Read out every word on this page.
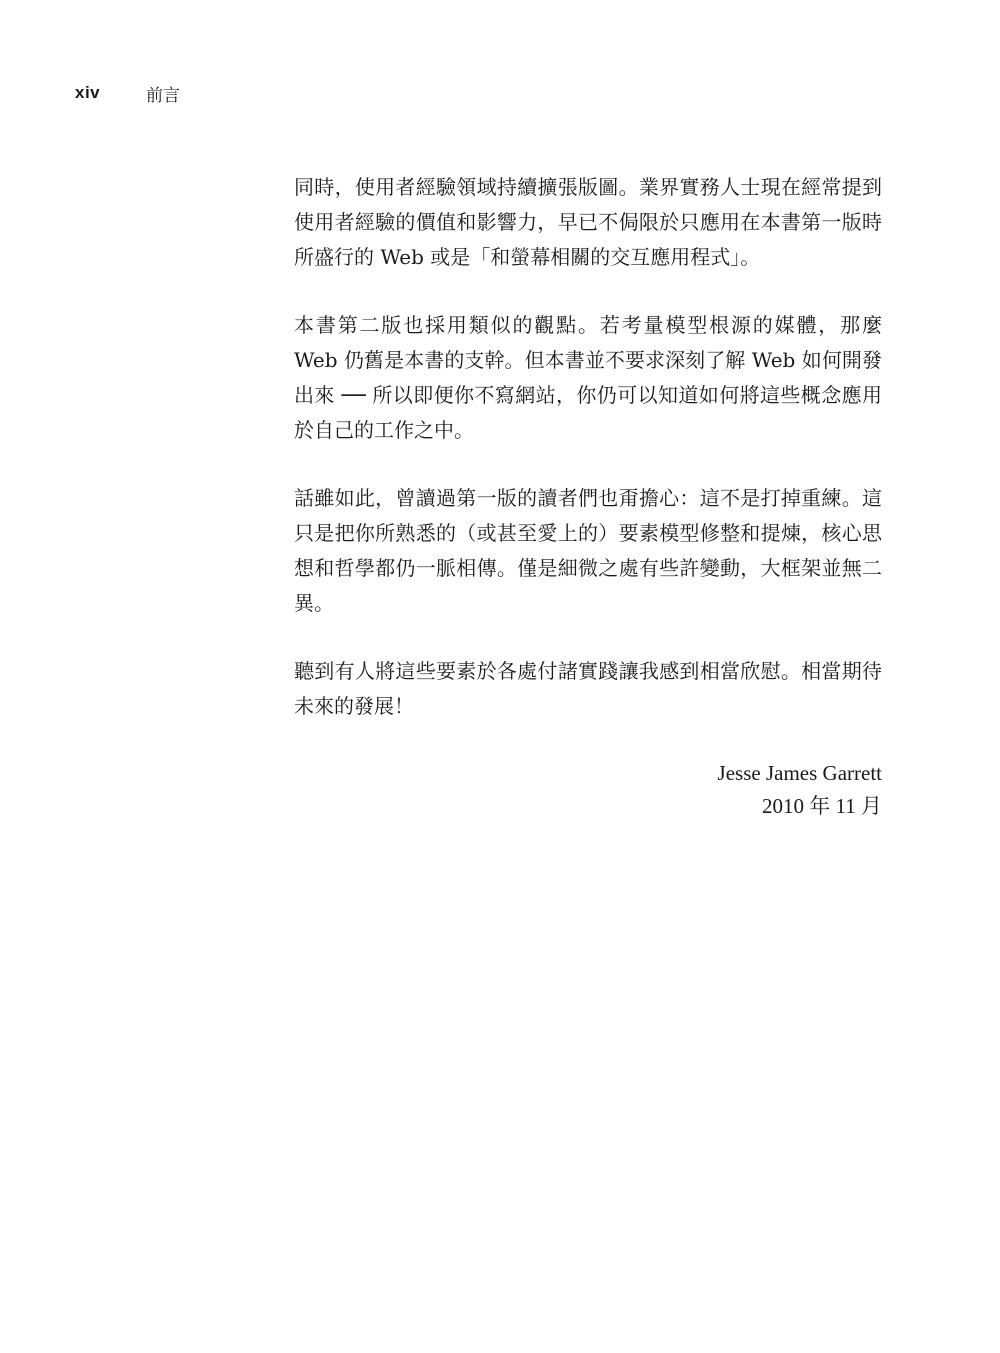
xiv	前言

同時，使用者經驗領域持續擴張版圖。業界實務人士現在經常提到使用者經驗的價值和影響力，早已不侷限於只應用在本書第一版時所盛行的 Web 或是「和螢幕相關的交互應用程式」。

本書第二版也採用類似的觀點。若考量模型根源的媒體，那麼 Web 仍舊是本書的支幹。但本書並不要求深刻了解 Web 如何開發出來 ── 所以即便你不寫網站，你仍可以知道如何將這些概念應用於自己的工作之中。

話雖如此，曾讀過第一版的讀者們也甭擔心：這不是打掉重練。這只是把你所熟悉的（或甚至愛上的）要素模型修整和提煉，核心思想和哲學都仍一脈相傳。僅是細微之處有些許變動，大框架並無二異。

聽到有人將這些要素於各處付諸實踐讓我感到相當欣慰。相當期待未來的發展！

Jesse James Garrett
2010 年 11 月
